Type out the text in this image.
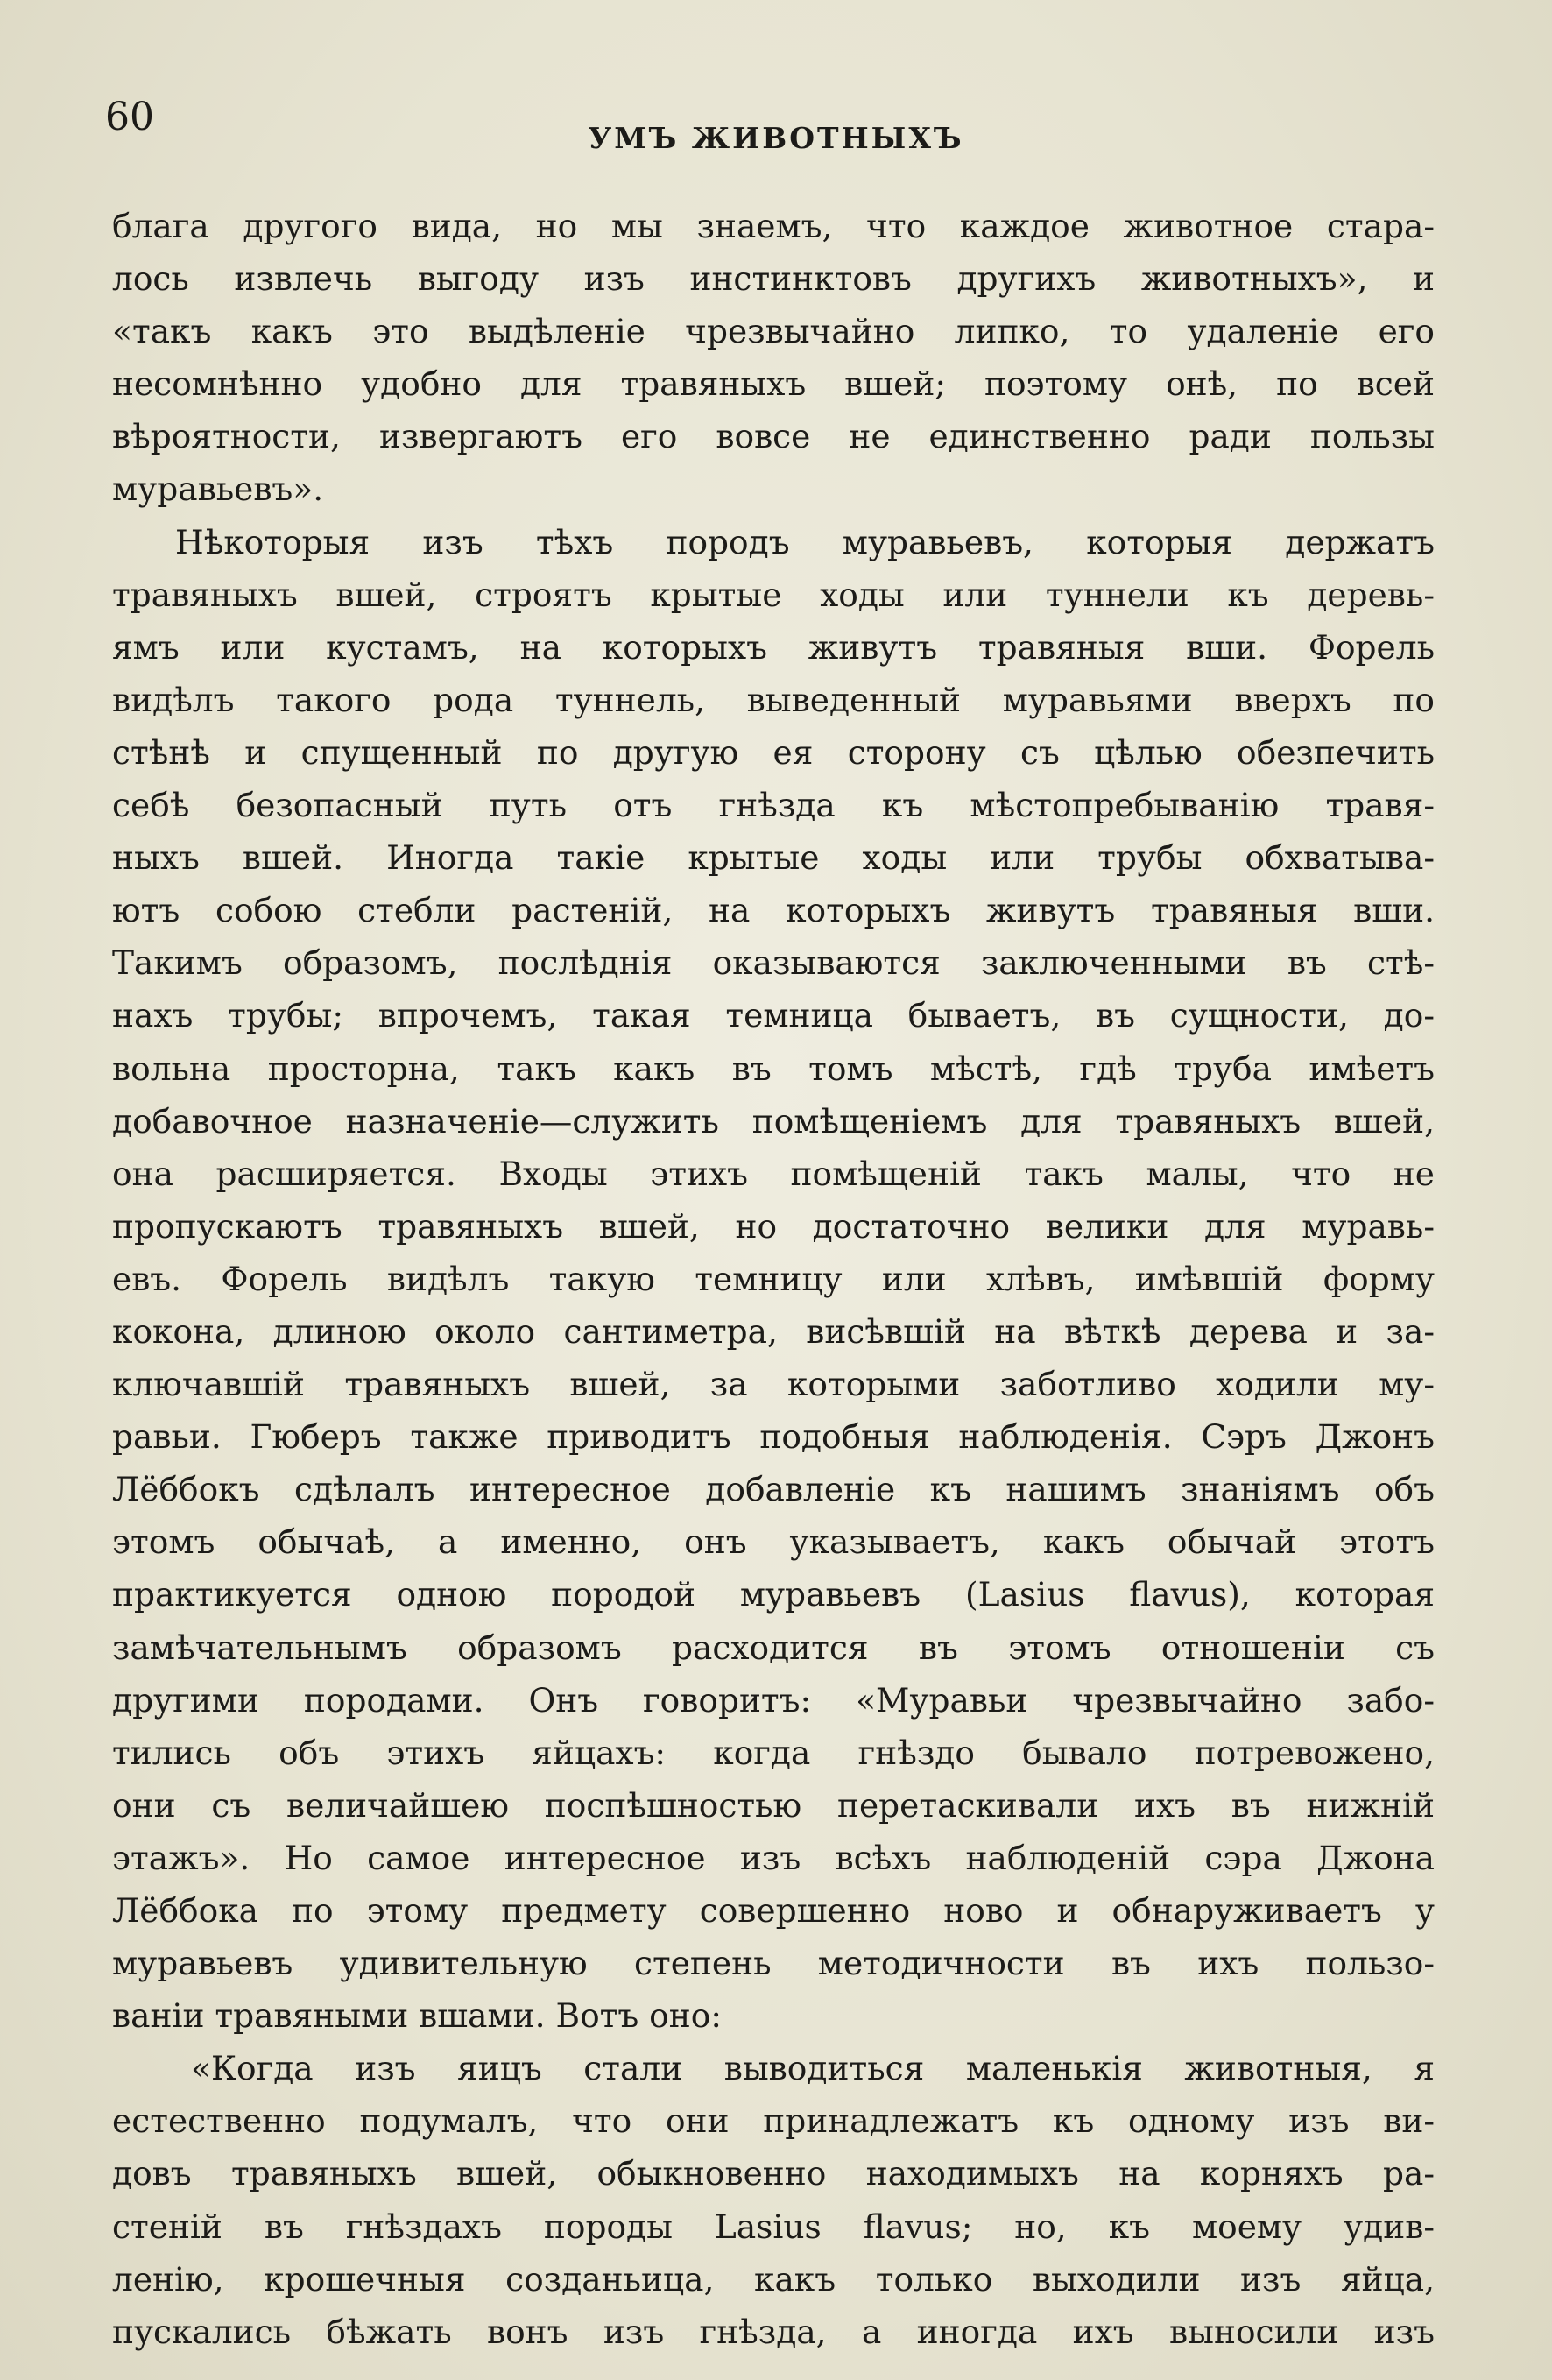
60	УМЪ ЖИВОТНЫХЪ
блага другого вида, но мы знаемъ, что каждое животное стара-
лось извлечь выгоду изъ инстинктовъ другихъ животныхъ», и
«такъ какъ это выдѣленіе чрезвычайно липко, то удаленіе его
несомнѣнно удобно для травяныхъ вшей; поэтому онѣ, по всей
вѣроятности, извергаютъ его вовсе не единственно ради пользы
муравьевъ».
Нѣкоторыя изъ тѣхъ породъ муравьевъ, которыя держатъ
травяныхъ вшей, строятъ крытые ходы или туннели къ деревь-
ямъ или кустамъ, на которыхъ живутъ травяныя вши. Форель
видѣлъ такого рода туннель, выведенный муравьями вверхъ по
стѣнѣ и спущенный по другую ея сторону съ цѣлью обезпечить
себѣ безопасный путь отъ гнѣзда къ мѣстопребыванію травя-
ныхъ вшей. Иногда такіе крытые ходы или трубы обхватыва-
ютъ собою стебли растеній, на которыхъ живутъ травяныя вши.
Такимъ образомъ, послѣднія оказываются заключенными въ стѣ-
нахъ трубы; впрочемъ, такая темница бываетъ, въ сущности, до-
вольна просторна, такъ какъ въ томъ мѣстѣ, гдѣ труба имѣетъ
добавочное назначеніе—служить помѣщеніемъ для травяныхъ вшей,
она расширяется. Входы этихъ помѣщеній такъ малы, что не
пропускаютъ травяныхъ вшей, но достаточно велики для муравь-
евъ. Форель видѣлъ такую темницу или хлѣвъ, имѣвшій форму
кокона, длиною около сантиметра, висѣвшій на вѣткѣ дерева и за-
ключавшій травяныхъ вшей, за которыми заботливо ходили му-
равьи. Гюберъ также приводитъ подобныя наблюденія. Сэръ Джонъ
Лёббокъ сдѣлалъ интересное добавленіе къ нашимъ знаніямъ объ
этомъ обычаѣ, а именно, онъ указываетъ, какъ обычай этотъ
практикуется одною породой муравьевъ (Lasius flavus), которая
замѣчательнымъ образомъ расходится въ этомъ отношеніи съ
другими породами. Онъ говоритъ: «Муравьи чрезвычайно забо-
тились объ этихъ яйцахъ: когда гнѣздо бывало потревожено,
они съ величайшею поспѣшностью перетаскивали ихъ въ нижній
этажъ». Но самое интересное изъ всѣхъ наблюденій сэра Джона
Лёббока по этому предмету совершенно ново и обнаруживаетъ у
муравьевъ удивительную степень методичности въ ихъ пользо-
ваніи травяными вшами. Вотъ оно:
«Когда изъ яицъ стали выводиться маленькія животныя, я
естественно подумалъ, что они принадлежатъ къ одному изъ ви-
довъ травяныхъ вшей, обыкновенно находимыхъ на корняхъ ра-
стеній въ гнѣздахъ породы Lasius flavus; но, къ моему удив-
ленію, крошечныя созданьица, какъ только выходили изъ яйца,
пускались бѣжать вонъ изъ гнѣзда, а иногда ихъ выносили изъ
